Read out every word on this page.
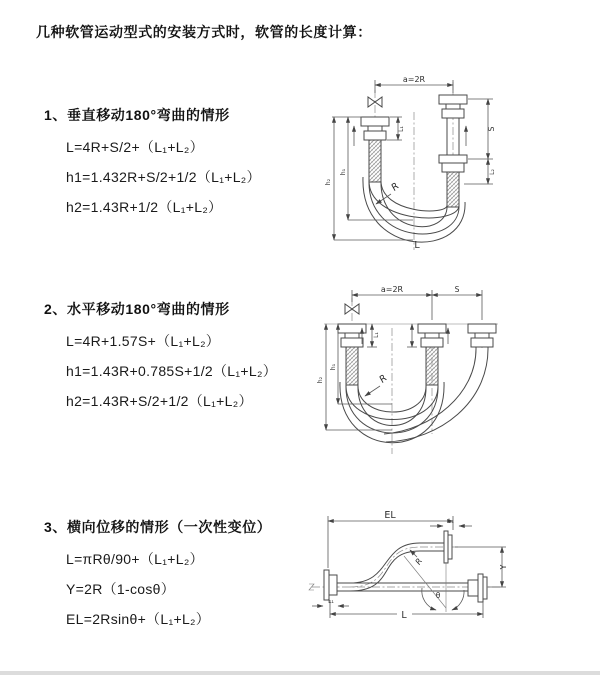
几种软管运动型式的安装方式时，软管的长度计算：
1、垂直移动180°弯曲的情形

L=4R+S/2+（L₁+L₂）

h1=1.432R+S/2+1/2（L₁+L₂）

h2=1.43R+1/2（L₁+L₂）

2、水平移动180°弯曲的情形

L=4R+1.57S+（L₁+L₂）

h1=1.43R+0.785S+1/2（L₁+L₂）

h2=1.43R+S/2+1/2（L₁+L₂）

3、横向位移的情形（一次性变位）

L=πRθ/90+（L₁+L₂）

Y=2R（1-cosθ）

EL=2Rsinθ+（L₁+L₂）

a=2R
L₁	S
L₂
h₁
h₂	R
L
a=2R	S
L₁
h₁
h₂	R
EL
L₁
R
θ
Y
L
L₁
